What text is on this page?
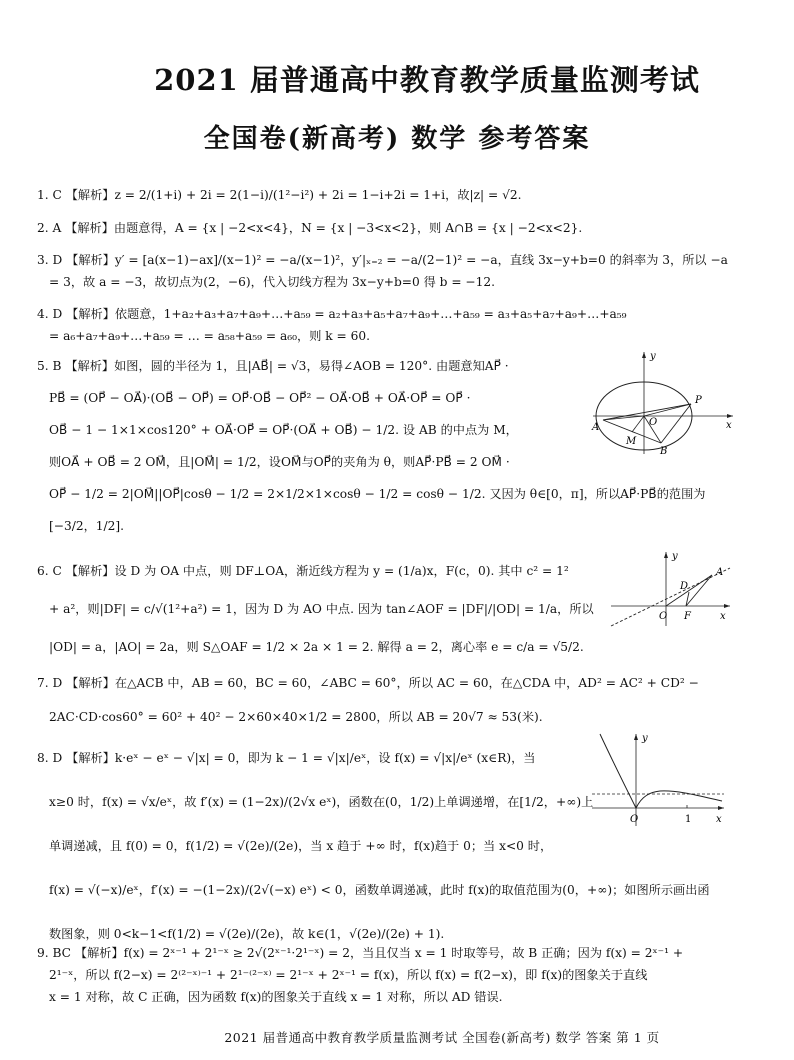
2021 届普通高中教育教学质量监测考试
全国卷(新高考) 数学 参考答案
1. C 【解析】z = 2/(1+i) + 2i = 2(1−i)/(1²−i²) + 2i = 1−i+2i = 1+i，故|z| = √2.
2. A 【解析】由题意得，A = {x | −2<x<4}，N = {x | −3<x<2}，则 A∩B = {x | −2<x<2}.
3. D 【解析】y′ = [a(x−1)−ax]/(x−1)² = −a/(x−1)²，y′|ₓ₌₂ = −a/(2−1)² = −a，直线 3x−y+b=0 的斜率为 3，所以 −a
= 3，故 a = −3，故切点为(2，−6)，代入切线方程为 3x−y+b=0 得 b = −12.
4. D 【解析】依题意，1+a₂+a₃+a₇+a₉+…+a₅₉ = a₂+a₃+a₅+a₇+a₉+…+a₅₉ = a₃+a₅+a₇+a₉+…+a₅₉
= a₆+a₇+a₉+…+a₅₉ = … = a₅₈+a₅₉ = a₆₀，则 k = 60.
5. B 【解析】如图，圆的半径为 1，且|AB⃗| = √3，易得∠AOB = 120°. 由题意知AP⃗ ·
PB⃗ = (OP⃗ − OA⃗)·(OB⃗ − OP⃗) = OP⃗·OB⃗ − OP⃗² − OA⃗·OB⃗ + OA⃗·OP⃗ = OP⃗ ·
OB⃗ − 1 − 1×1×cos120° + OA⃗·OP⃗ = OP⃗·(OA⃗ + OB⃗) − 1/2. 设 AB 的中点为 M，
则OA⃗ + OB⃗ = 2 OM⃗，且|OM⃗| = 1/2，设OM⃗与OP⃗的夹角为 θ，则AP⃗·PB⃗ = 2 OM⃗ ·
OP⃗ − 1/2 = 2|OM⃗||OP⃗|cosθ − 1/2 = 2×1/2×1×cosθ − 1/2 = cosθ − 1/2. 又因为 θ∈[0，π]，所以AP⃗·PB⃗的范围为
[−3/2，1/2].
y
x
A
B
M
O
P
6. C 【解析】设 D 为 OA 中点，则 DF⊥OA，渐近线方程为 y = (1/a)x，F(c，0). 其中 c² = 1²
+ a²，则|DF| = c/√(1²+a²) = 1，因为 D 为 AO 中点. 因为 tan∠AOF = |DF|/|OD| = 1/a，所以
|OD| = a，|AO| = 2a，则 S△OAF = 1/2 × 2a × 1 = 2. 解得 a = 2，离心率 e = c/a = √5/2.
y
A
D
O F	x
7. D 【解析】在△ACB 中，AB = 60，BC = 60，∠ABC = 60°，所以 AC = 60，在△CDA 中，AD² = AC² + CD² −
2AC·CD·cos60° = 60² + 40² − 2×60×40×1/2 = 2800，所以 AB = 20√7 ≈ 53(米).
8. D 【解析】k·eˣ − eˣ − √|x| = 0，即为 k − 1 = √|x|/eˣ，设 f(x) = √|x|/eˣ (x∈R)，当
x≥0 时，f(x) = √x/eˣ，故 f′(x) = (1−2x)/(2√x eˣ)，函数在(0，1/2)上单调递增，在[1/2，+∞)上
单调递减，且 f(0) = 0，f(1/2) = √(2e)/(2e)，当 x 趋于 +∞ 时，f(x)趋于 0；当 x<0 时，
f(x) = √(−x)/eˣ，f′(x) = −(1−2x)/(2√(−x) eˣ) < 0，函数单调递减，此时 f(x)的取值范围为(0，+∞)；如图所示画出函
数图象，则 0<k−1<f(1/2) = √(2e)/(2e)，故 k∈(1，√(2e)/(2e) + 1).
y
x
O	1
9. BC 【解析】f(x) = 2ˣ⁻¹ + 2¹⁻ˣ ≥ 2√(2ˣ⁻¹·2¹⁻ˣ) = 2，当且仅当 x = 1 时取等号，故 B 正确；因为 f(x) = 2ˣ⁻¹ +
2¹⁻ˣ，所以 f(2−x) = 2⁽²⁻ˣ⁾⁻¹ + 2¹⁻⁽²⁻ˣ⁾ = 2¹⁻ˣ + 2ˣ⁻¹ = f(x)，所以 f(x) = f(2−x)，即 f(x)的图象关于直线
x = 1 对称，故 C 正确，因为函数 f(x)的图象关于直线 x = 1 对称，所以 AD 错误.
2021 届普通高中教育教学质量监测考试 全国卷(新高考) 数学 答案 第 1 页
